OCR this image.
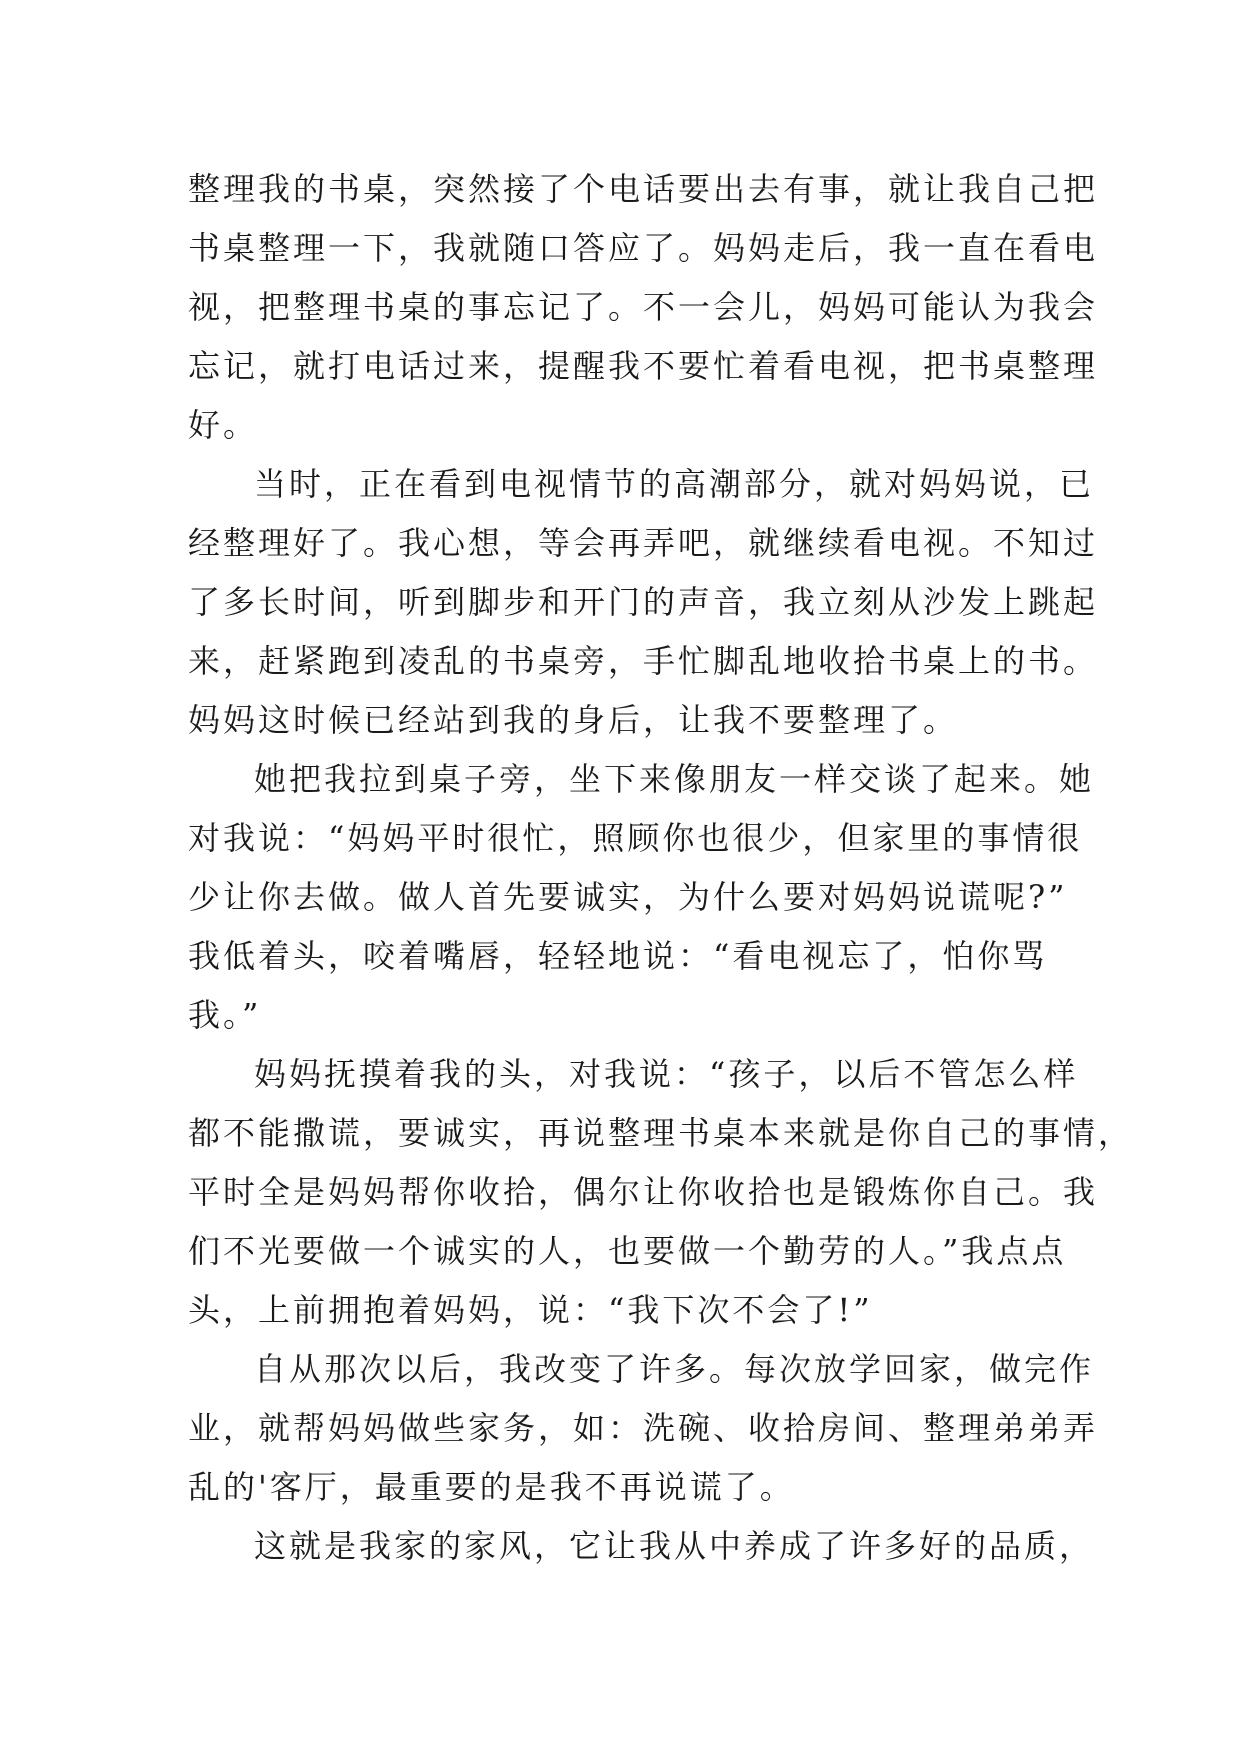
整理我的书桌，突然接了个电话要出去有事，就让我自己把
书桌整理一下，我就随口答应了。妈妈走后，我一直在看电
视，把整理书桌的事忘记了。不一会儿，妈妈可能认为我会
忘记，就打电话过来，提醒我不要忙着看电视，把书桌整理
好。

当时，正在看到电视情节的高潮部分，就对妈妈说，已
经整理好了。我心想，等会再弄吧，就继续看电视。不知过
了多长时间，听到脚步和开门的声音，我立刻从沙发上跳起
来，赶紧跑到凌乱的书桌旁，手忙脚乱地收拾书桌上的书。
妈妈这时候已经站到我的身后，让我不要整理了。

她把我拉到桌子旁，坐下来像朋友一样交谈了起来。她
对我说：“妈妈平时很忙，照顾你也很少，但家里的事情很
少让你去做。做人首先要诚实，为什么要对妈妈说谎呢?”
我低着头，咬着嘴唇，轻轻地说：“看电视忘了，怕你骂
我。”

妈妈抚摸着我的头，对我说：“孩子，以后不管怎么样
都不能撒谎，要诚实，再说整理书桌本来就是你自己的事情，
平时全是妈妈帮你收拾，偶尔让你收拾也是锻炼你自己。我
们不光要做一个诚实的人，也要做一个勤劳的人。”我点点
头，上前拥抱着妈妈，说：“我下次不会了!”

自从那次以后，我改变了许多。每次放学回家，做完作
业，就帮妈妈做些家务，如：洗碗、收拾房间、整理弟弟弄
乱的'客厅，最重要的是我不再说谎了。

这就是我家的家风，它让我从中养成了许多好的品质，
